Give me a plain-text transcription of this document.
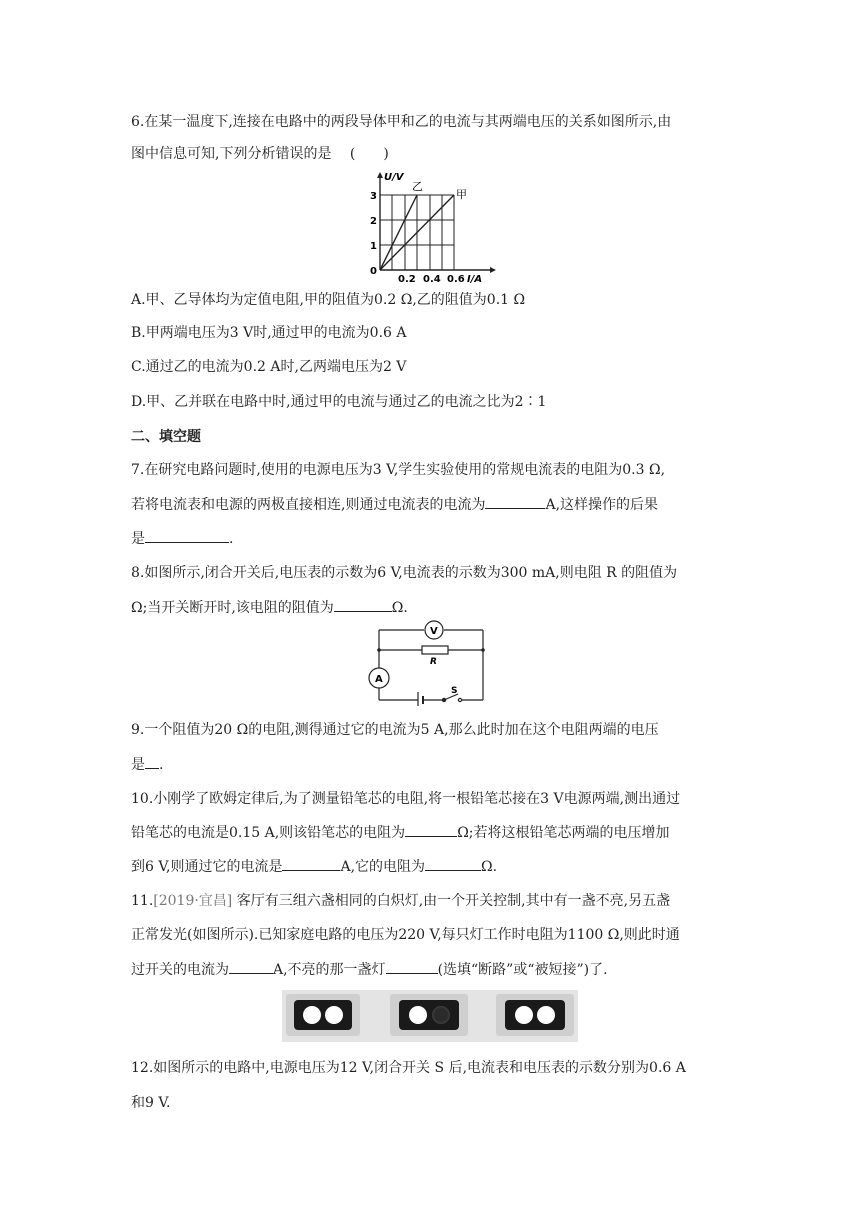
6.在某一温度下,连接在电路中的两段导体甲和乙的电流与其两端电压的关系如图所示,由
图中信息可知,下列分析错误的是 　(　　)
U/V
I/A
3
2
1
0
0.2 0.4 0.6
乙
甲
A.甲、乙导体均为定值电阻,甲的阻值为0.2 Ω,乙的阻值为0.1 Ω
B.甲两端电压为3 V时,通过甲的电流为0.6 A
C.通过乙的电流为0.2 A时,乙两端电压为2 V
D.甲、乙并联在电路中时,通过甲的电流与通过乙的电流之比为2∶1
二、填空题
7.在研究电路问题时,使用的电源电压为3 V,学生实验使用的常规电流表的电阻为0.3 Ω,
若将电流表和电源的两极直接相连,则通过电流表的电流为	A,这样操作的后果
是	.
8.如图所示,闭合开关后,电压表的示数为6 V,电流表的示数为300 mA,则电阻 R 的阻值为
Ω;当开关断开时,该电阻的阻值为	Ω.
V
R
A
S
9.一个阻值为20 Ω的电阻,测得通过它的电流为5 A,那么此时加在这个电阻两端的电压
是 .
10.小刚学了欧姆定律后,为了测量铅笔芯的电阻,将一根铅笔芯接在3 V电源两端,测出通过
铅笔芯的电流是0.15 A,则该铅笔芯的电阻为	Ω;若将这根铅笔芯两端的电压增加
到6 V,则通过它的电流是	A,它的电阻为	Ω.
11.[2019·宜昌] 客厅有三组六盏相同的白炽灯,由一个开关控制,其中有一盏不亮,另五盏
正常发光(如图所示).已知家庭电路的电压为220 V,每只灯工作时电阻为1100 Ω,则此时通
过开关的电流为	A,不亮的那一盏灯	(选填“断路”或“被短接”)了.
12.如图所示的电路中,电源电压为12 V,闭合开关 S 后,电流表和电压表的示数分别为0.6 A
和9 V.
